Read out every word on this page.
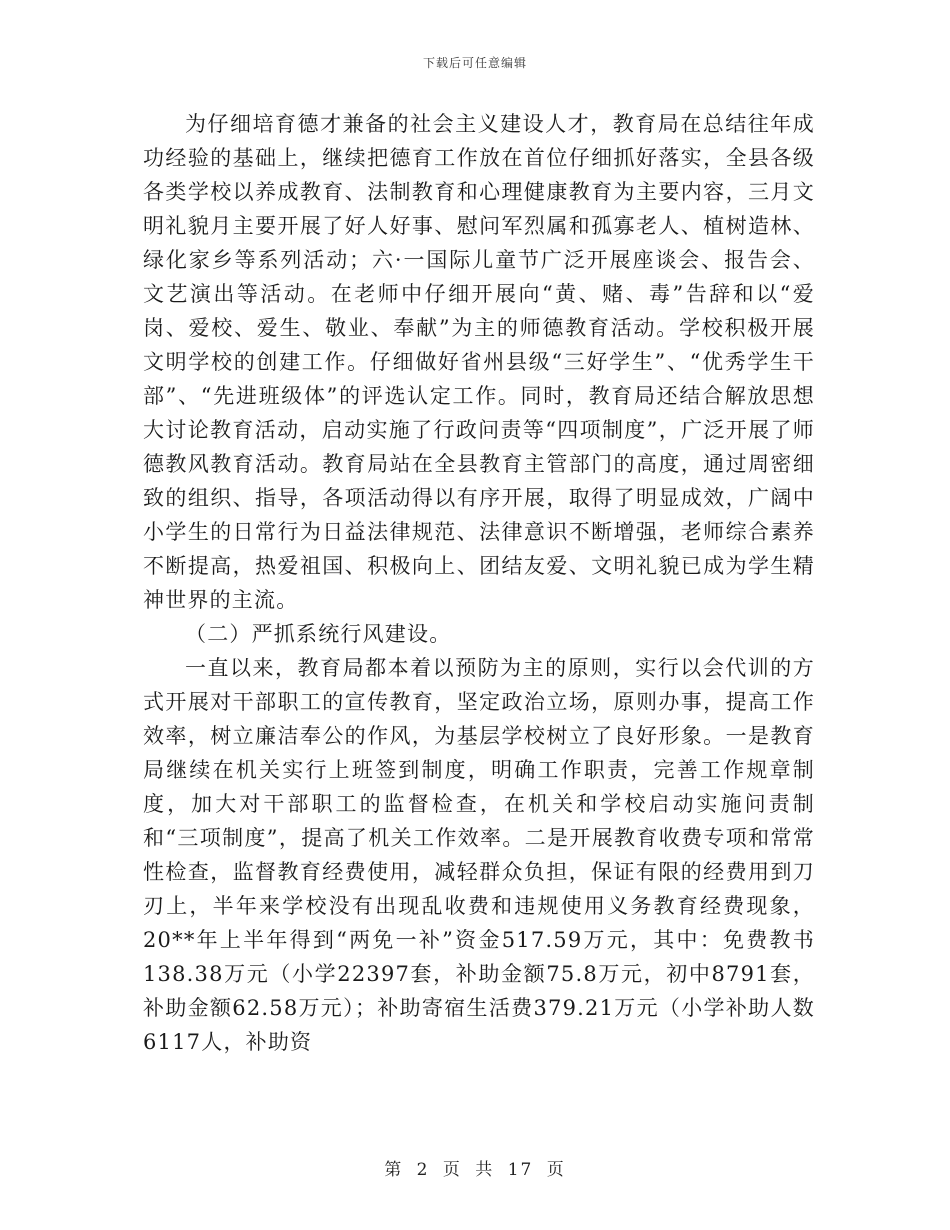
下载后可任意编辑

为仔细培育德才兼备的社会主义建设人才，教育局在总结往年成功经验的基础上，继续把德育工作放在首位仔细抓好落实，全县各级各类学校以养成教育、法制教育和心理健康教育为主要内容，三月文明礼貌月主要开展了好人好事、慰问军烈属和孤寡老人、植树造林、绿化家乡等系列活动；六·一国际儿童节广泛开展座谈会、报告会、文艺演出等活动。在老师中仔细开展向“黄、赌、毒”告辞和以“爱岗、爱校、爱生、敬业、奉献”为主的师德教育活动。学校积极开展文明学校的创建工作。仔细做好省州县级“三好学生”、“优秀学生干部”、“先进班级体”的评选认定工作。同时，教育局还结合解放思想大讨论教育活动，启动实施了行政问责等“四项制度”，广泛开展了师德教风教育活动。教育局站在全县教育主管部门的高度，通过周密细致的组织、指导，各项活动得以有序开展，取得了明显成效，广阔中小学生的日常行为日益法律规范、法律意识不断增强，老师综合素养不断提高，热爱祖国、积极向上、团结友爱、文明礼貌已成为学生精神世界的主流。

（二）严抓系统行风建设。

一直以来，教育局都本着以预防为主的原则，实行以会代训的方式开展对干部职工的宣传教育，坚定政治立场，原则办事，提高工作效率，树立廉洁奉公的作风，为基层学校树立了良好形象。一是教育局继续在机关实行上班签到制度，明确工作职责，完善工作规章制度，加大对干部职工的监督检查，在机关和学校启动实施问责制和“三项制度”，提高了机关工作效率。二是开展教育收费专项和常常性检查，监督教育经费使用，减轻群众负担，保证有限的经费用到刀刃上，半年来学校没有出现乱收费和违规使用义务教育经费现象，20**年上半年得到“两免一补”资金517.59万元，其中：免费教书138.38万元（小学22397套，补助金额75.8万元，初中8791套，补助金额62.58万元）；补助寄宿生活费379.21万元（小学补助人数6117人，补助资

第 2 页 共 17 页
